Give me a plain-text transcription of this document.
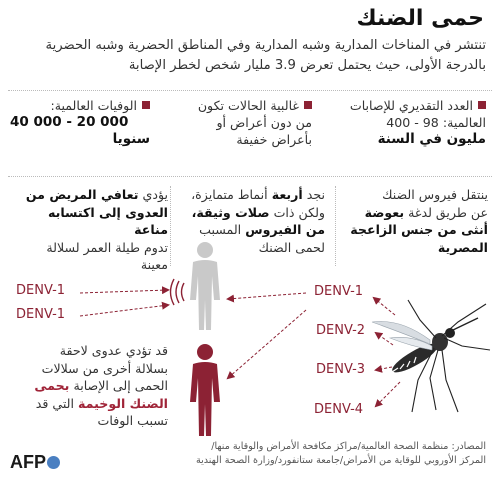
حمى الضنك
تنتشر في المناخات المدارية وشبه المدارية وفي المناطق الحضرية وشبه الحضرية بالدرجة الأولى، حيث يحتمل تعرض 3.9 مليار شخص لخطر الإصابة
العدد التقديري للإصابات
العالمية: 98 - 400
مليون في السنة
غالبية الحالات تكون
من دون أعراض أو
بأعراض خفيفة
الوفيات العالمية:
40 000 - 20 000
سنويا
ينتقل فيروس الضنك
عن طريق لدغة بعوضة
أنثى من جنس الزاعجة
المصرية
نجد أربعة أنماط متمايزة،
ولكن ذات صلات وثيقة،
من الفيروس المسبب
لحمى الضنك
يؤدي تعافي المريض من
العدوى إلى اكتسابه مناعة
تدوم طيلة العمر لسلالة
معينة
قد تؤدي عدوى لاحقة
بسلالة أخرى من سلالات
الحمى إلى الإصابة بحمى
الضنك الوخيمة التي قد
تسبب الوفات
DENV-1
DENV-1
DENV-1
DENV-2
DENV-3
DENV-4
AFP
المصادر: منظمة الصحة العالمية/مراكز مكافحة الأمراض والوقاية منها/
المركز الأوروبي للوقاية من الأمراض/جامعة ستانفورد/وزارة الصحة الهندية
